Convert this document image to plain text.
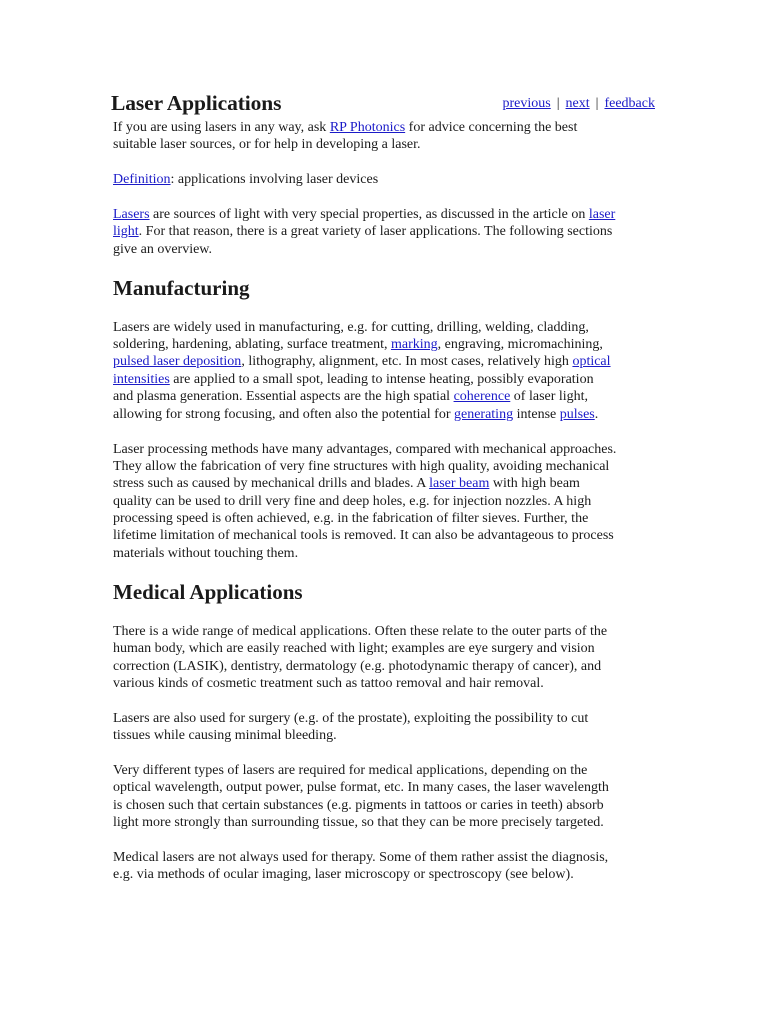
Laser Applications	previous | next | feedback
If you are using lasers in any way, ask RP Photonics for advice concerning the best
suitable laser sources, or for help in developing a laser.
Definition: applications involving laser devices
Lasers are sources of light with very special properties, as discussed in the article on laser
light. For that reason, there is a great variety of laser applications. The following sections
give an overview.
Manufacturing
Lasers are widely used in manufacturing, e.g. for cutting, drilling, welding, cladding,
soldering, hardening, ablating, surface treatment, marking, engraving, micromachining,
pulsed laser deposition, lithography, alignment, etc. In most cases, relatively high optical
intensities are applied to a small spot, leading to intense heating, possibly evaporation
and plasma generation. Essential aspects are the high spatial coherence of laser light,
allowing for strong focusing, and often also the potential for generating intense pulses.
Laser processing methods have many advantages, compared with mechanical approaches.
They allow the fabrication of very fine structures with high quality, avoiding mechanical
stress such as caused by mechanical drills and blades. A laser beam with high beam
quality can be used to drill very fine and deep holes, e.g. for injection nozzles. A high
processing speed is often achieved, e.g. in the fabrication of filter sieves. Further, the
lifetime limitation of mechanical tools is removed. It can also be advantageous to process
materials without touching them.
Medical Applications
There is a wide range of medical applications. Often these relate to the outer parts of the
human body, which are easily reached with light; examples are eye surgery and vision
correction (LASIK), dentistry, dermatology (e.g. photodynamic therapy of cancer), and
various kinds of cosmetic treatment such as tattoo removal and hair removal.
Lasers are also used for surgery (e.g. of the prostate), exploiting the possibility to cut
tissues while causing minimal bleeding.
Very different types of lasers are required for medical applications, depending on the
optical wavelength, output power, pulse format, etc. In many cases, the laser wavelength
is chosen such that certain substances (e.g. pigments in tattoos or caries in teeth) absorb
light more strongly than surrounding tissue, so that they can be more precisely targeted.
Medical lasers are not always used for therapy. Some of them rather assist the diagnosis,
e.g. via methods of ocular imaging, laser microscopy or spectroscopy (see below).
